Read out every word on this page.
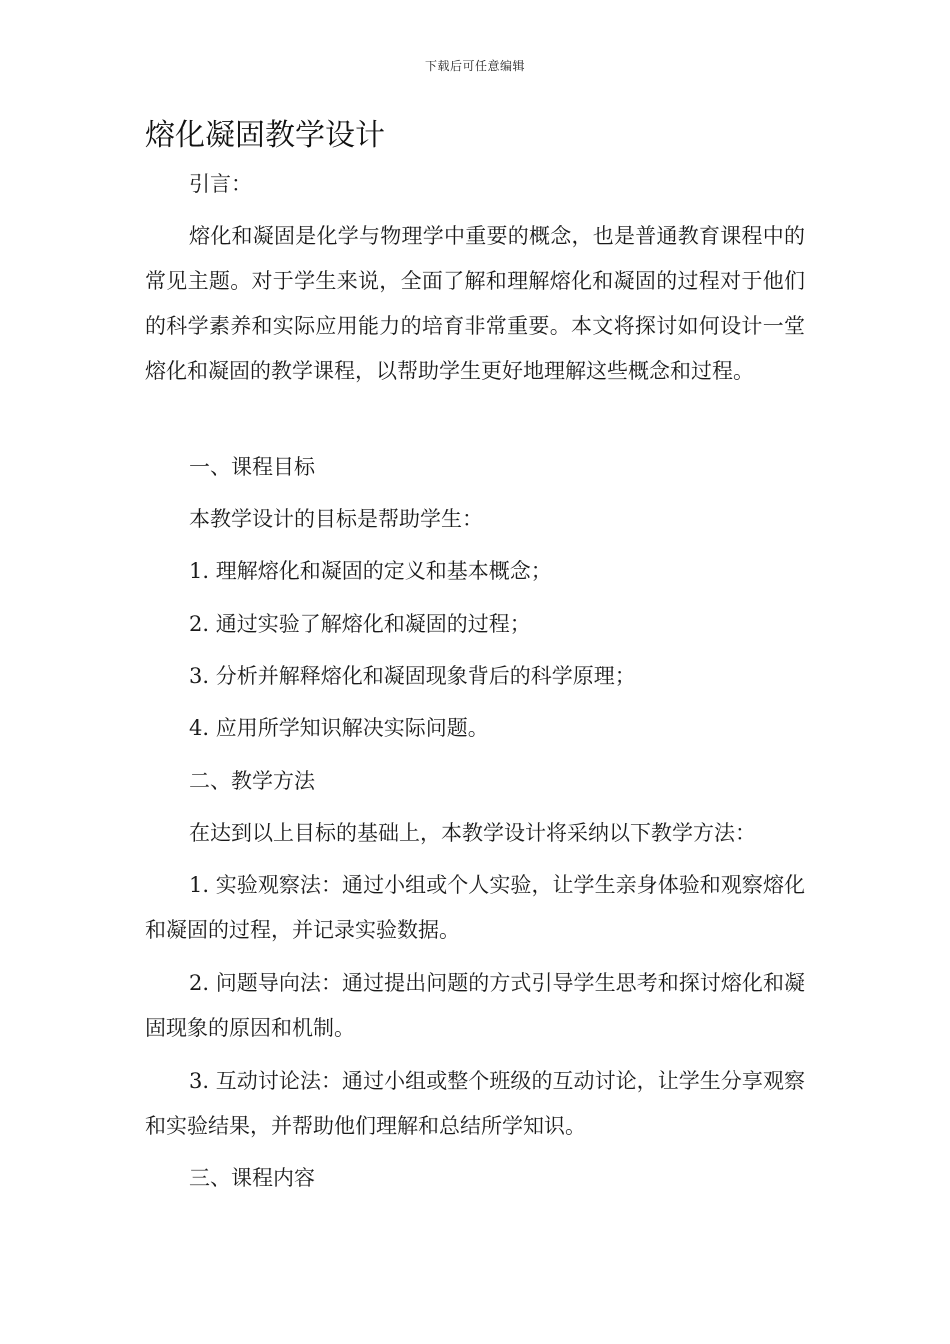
下载后可任意编辑
熔化凝固教学设计

引言：

熔化和凝固是化学与物理学中重要的概念，也是普通教育课程中的常见主题。对于学生来说，全面了解和理解熔化和凝固的过程对于他们的科学素养和实际应用能力的培育非常重要。本文将探讨如何设计一堂熔化和凝固的教学课程，以帮助学生更好地理解这些概念和过程。

一、课程目标

本教学设计的目标是帮助学生：

1. 理解熔化和凝固的定义和基本概念；

2. 通过实验了解熔化和凝固的过程；

3. 分析并解释熔化和凝固现象背后的科学原理；

4. 应用所学知识解决实际问题。

二、教学方法

在达到以上目标的基础上，本教学设计将采纳以下教学方法：

1. 实验观察法：通过小组或个人实验，让学生亲身体验和观察熔化和凝固的过程，并记录实验数据。

2. 问题导向法：通过提出问题的方式引导学生思考和探讨熔化和凝固现象的原因和机制。

3. 互动讨论法：通过小组或整个班级的互动讨论，让学生分享观察和实验结果，并帮助他们理解和总结所学知识。

三、课程内容
